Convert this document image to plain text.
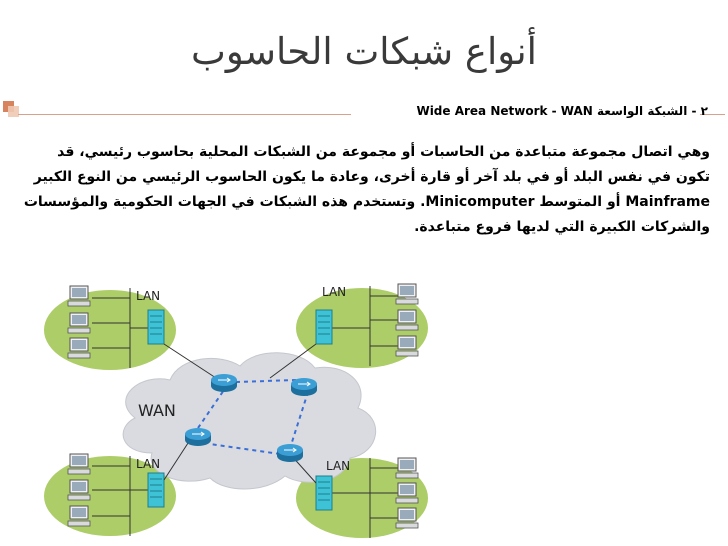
أنواع شبكات الحاسوب
٢ - الشبكة الواسعة Wide Area Network - WAN
وهي اتصال مجموعة متباعدة من الحاسبات أو مجموعة من الشبكات المحلية بحاسوب رئيسي، قد
تكون في نفس البلد أو في بلد آخر أو قارة أخرى، وعادة ما يكون الحاسوب الرئيسي من النوع الكبير
Mainframe أو المتوسط Minicomputer. وتستخدم هذه الشبكات في الجهات الحكومية والمؤسسات
والشركات الكبيرة التي لديها فروع متباعدة.
LAN	LAN
LAN	LAN
WAN
